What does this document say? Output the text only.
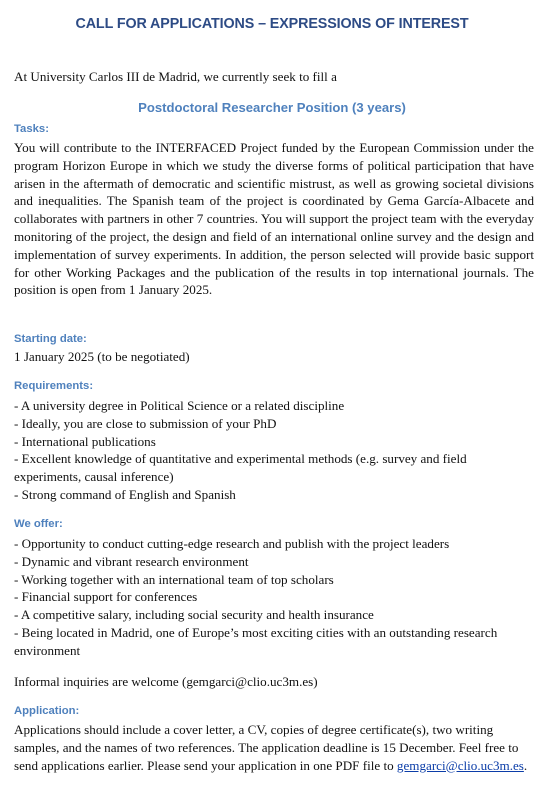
CALL FOR APPLICATIONS – EXPRESSIONS OF INTEREST
At University Carlos III de Madrid, we currently seek to fill a
Postdoctoral Researcher Position (3 years)
Tasks:
You will contribute to the INTERFACED Project funded by the European Commission under the program Horizon Europe in which we study the diverse forms of political participation that have arisen in the aftermath of democratic and scientific mistrust, as well as growing societal divisions and inequalities. The Spanish team of the project is coordinated by Gema García-Albacete and collaborates with partners in other 7 countries. You will support the project team with the everyday monitoring of the project, the design and field of an international online survey and the design and implementation of survey experiments. In addition, the person selected will provide basic support for other Working Packages and the publication of the results in top international journals. The position is open from 1 January 2025.
Starting date:
1 January 2025 (to be negotiated)
Requirements:
- A university degree in Political Science or a related discipline
- Ideally, you are close to submission of your PhD
- International publications
- Excellent knowledge of quantitative and experimental methods (e.g. survey and field experiments, causal inference)
- Strong command of English and Spanish
We offer:
- Opportunity to conduct cutting-edge research and publish with the project leaders
- Dynamic and vibrant research environment
- Working together with an international team of top scholars
- Financial support for conferences
- A competitive salary, including social security and health insurance
- Being located in Madrid, one of Europe’s most exciting cities with an outstanding research environment
Informal inquiries are welcome (gemgarci@clio.uc3m.es)
Application:
Applications should include a cover letter, a CV, copies of degree certificate(s), two writing samples, and the names of two references. The application deadline is 15 December. Feel free to send applications earlier. Please send your application in one PDF file to gemgarci@clio.uc3m.es.
